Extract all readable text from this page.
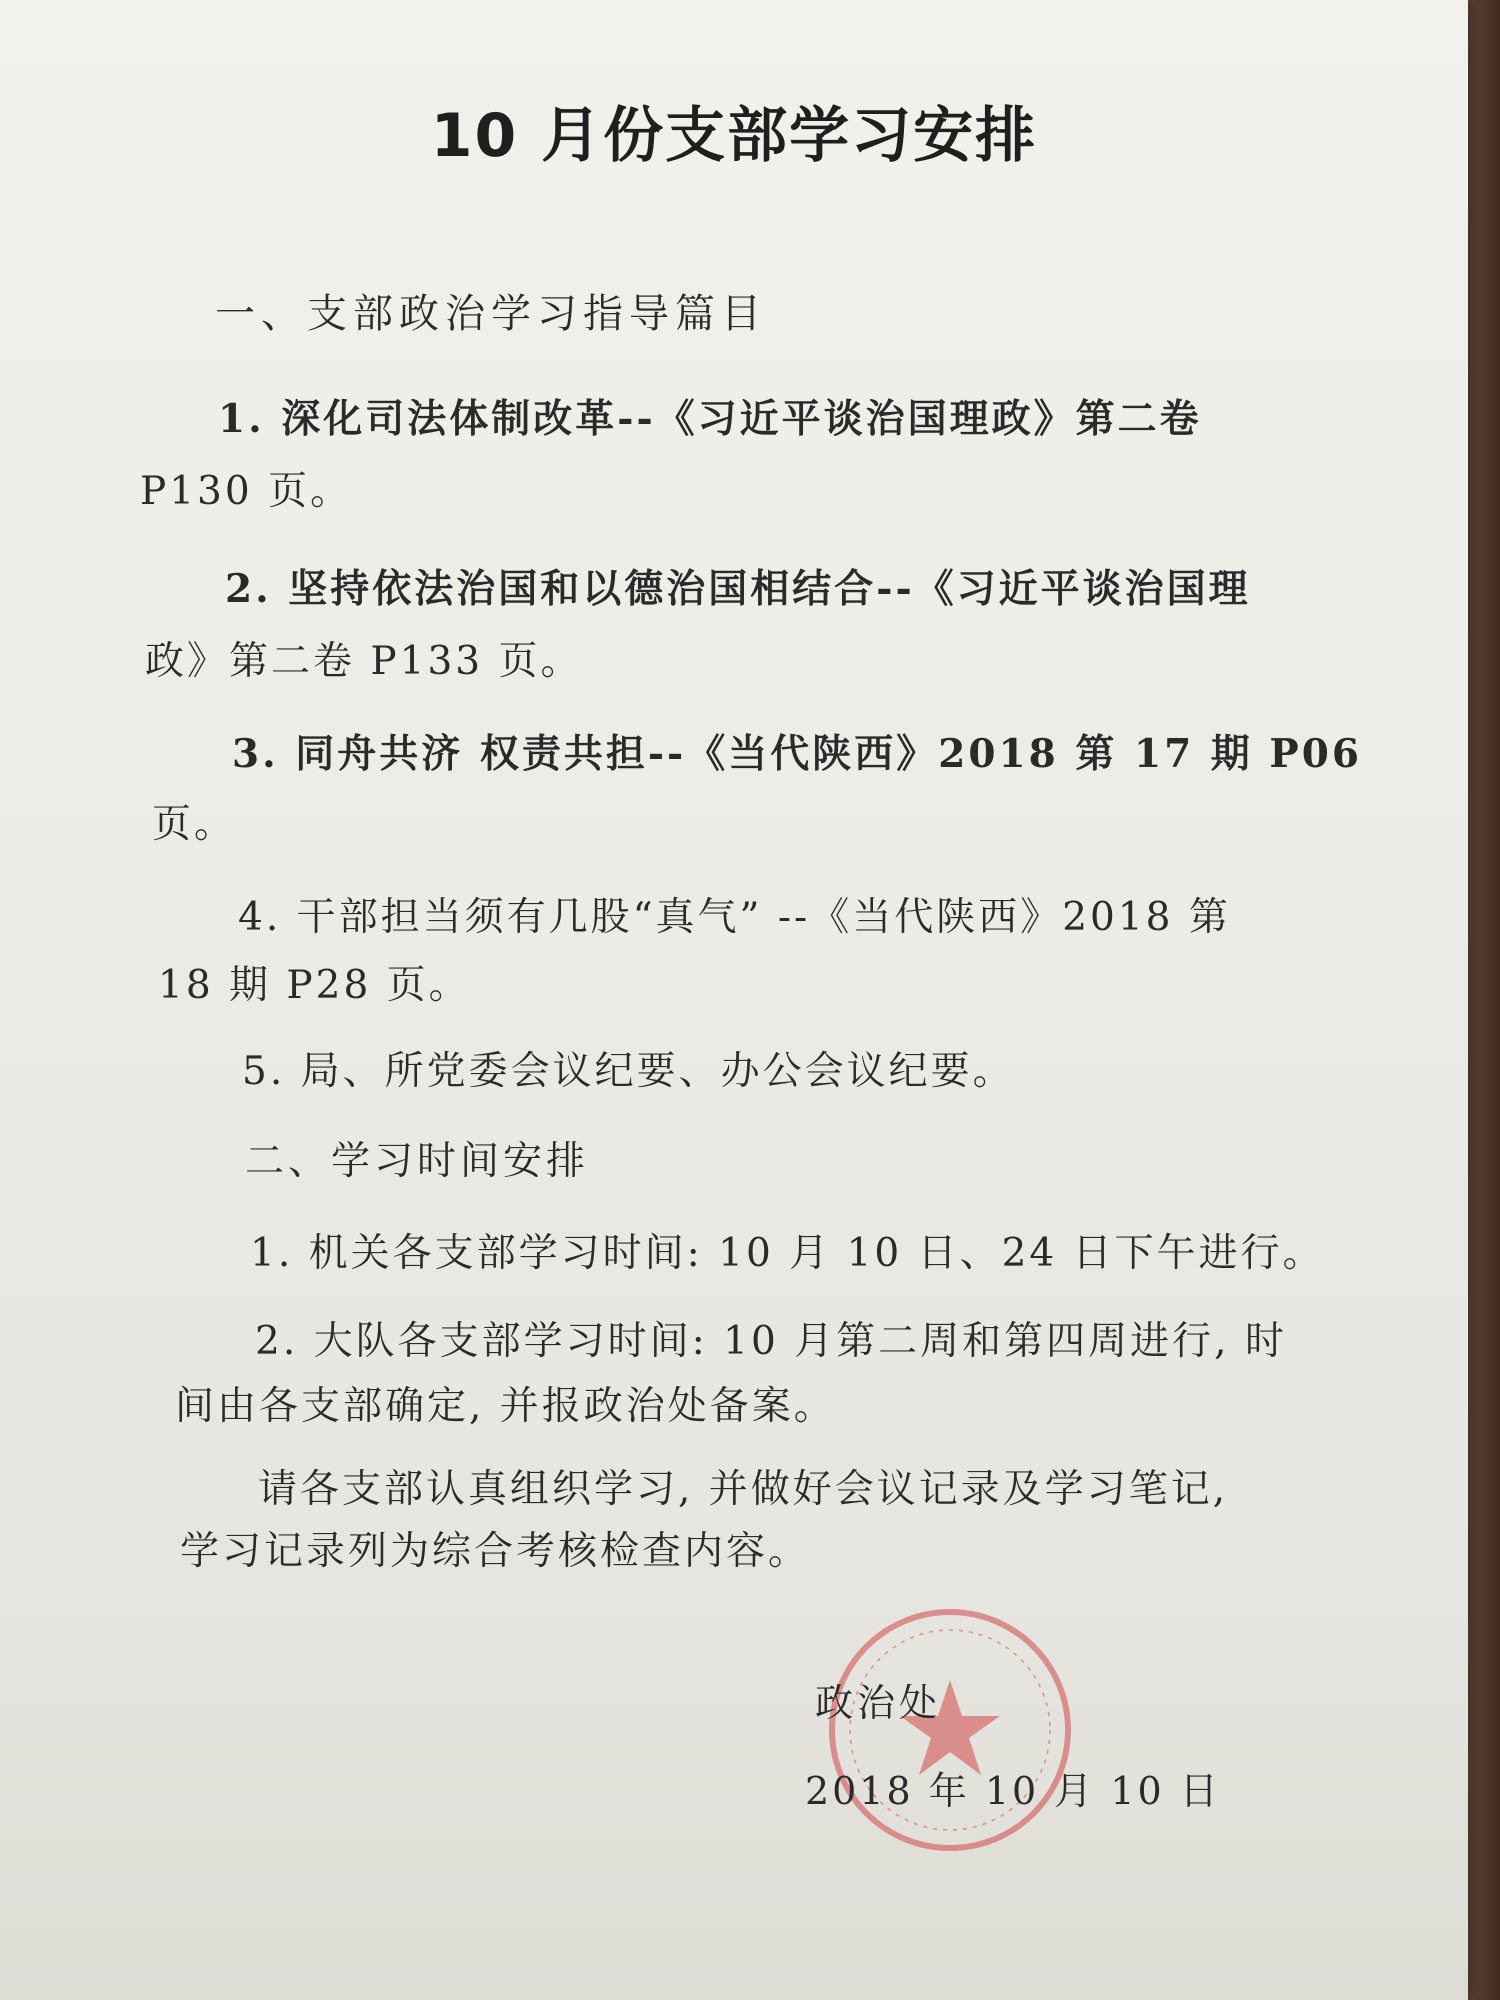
10 月份支部学习安排
一、支部政治学习指导篇目
1. 深化司法体制改革--《习近平谈治国理政》第二卷
P130 页。
2. 坚持依法治国和以德治国相结合--《习近平谈治国理
政》第二卷 P133 页。
3. 同舟共济 权责共担--《当代陕西》2018 第 17 期 P06
页。
4. 干部担当须有几股“真气” --《当代陕西》2018 第
18 期 P28 页。
5. 局、所党委会议纪要、办公会议纪要。
二、学习时间安排
1. 机关各支部学习时间: 10 月 10 日、24 日下午进行。
2. 大队各支部学习时间: 10 月第二周和第四周进行, 时
间由各支部确定, 并报政治处备案。
请各支部认真组织学习, 并做好会议记录及学习笔记,
学习记录列为综合考核检查内容。
政治处
2018 年 10 月 10 日
